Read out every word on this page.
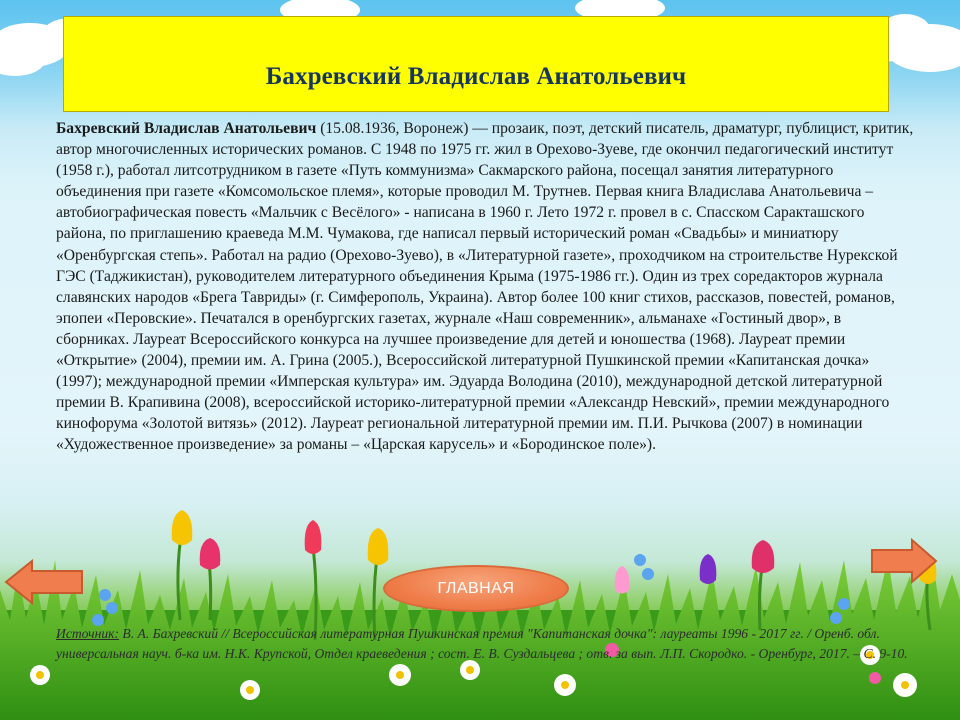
Бахревский Владислав Анатольевич
Бахревский Владислав Анатольевич (15.08.1936, Воронеж) — прозаик, поэт, детский писатель, драматург, публицист, критик, автор многочисленных исторических романов. С 1948 по 1975 гг. жил в Орехово-Зуеве, где окончил педагогический институт (1958 г.), работал литсотрудником в газете «Путь коммунизма» Сакмарского района, посещал занятия литературного объединения при газете «Комсомольское племя», которые проводил М. Трутнев. Первая книга Владислава Анатольевича – автобиографическая повесть «Мальчик с Весёлого» - написана в 1960 г. Лето 1972 г. провел в с. Спасском Саракташского района, по приглашению краеведа М.М. Чумакова, где написал первый исторический роман «Свадьбы» и миниатюру «Оренбургская степь». Работал на радио (Орехово-Зуево), в «Литературной газете», проходчиком на строительстве Нурекской ГЭС (Таджикистан), руководителем литературного объединения Крыма (1975-1986 гг.). Один из трех соредакторов журнала славянских народов «Брега Тавриды» (г. Симферополь, Украина). Автор более 100 книг стихов, рассказов, повестей, романов, эпопеи «Перовские». Печатался в оренбургских газетах, журнале «Наш современник», альманахе «Гостиный двор», в сборниках. Лауреат Всероссийского конкурса на лучшее произведение для детей и юношества (1968). Лауреат премии «Открытие» (2004), премии им. А. Грина (2005.), Всероссийской литературной Пушкинской премии «Капитанская дочка» (1997); международной премии «Имперская культура» им. Эдуарда Володина (2010), международной детской литературной премии В. Крапивина (2008), всероссийской историко-литературной премии «Александр Невский», премии международного кинофорума «Золотой витязь» (2012). Лауреат региональной литературной премии им. П.И. Рычкова (2007) в номинации «Художественное произведение» за романы – «Царская карусель» и «Бородинское поле»).
Источник: В. А. Бахревский // Всероссийская литературная Пушкинская премия "Капитанская дочка": лауреаты 1996 - 2017 гг. / Оренб. обл. универсальная науч. б-ка им. Н.К. Крупской, Отдел краеведения ; сост. Е. В. Суздальцева ; отв. за вып. Л.П. Скородко. - Оренбург, 2017. – С. 9-10.
ГЛАВНАЯ
